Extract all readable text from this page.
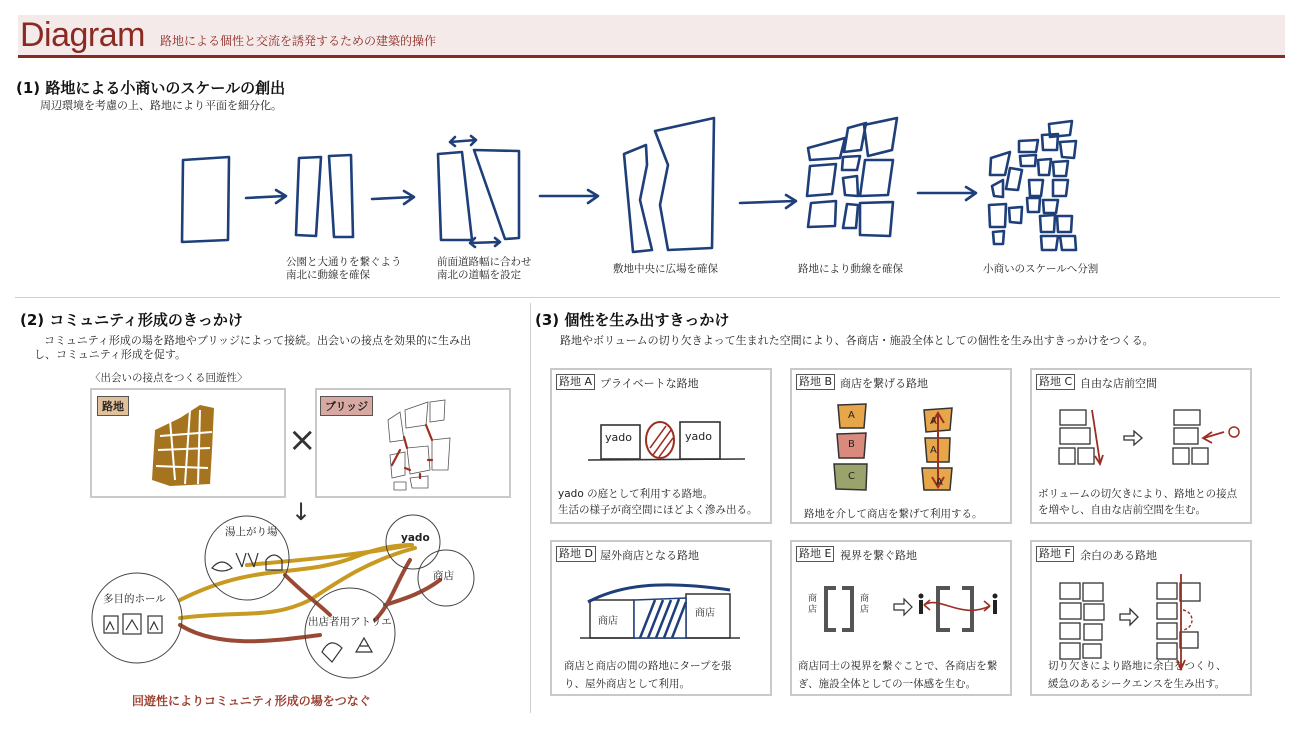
Diagram 路地による個性と交流を誘発するための建築的操作
(1) 路地による小商いのスケールの創出
周辺環境を考慮の上、路地により平面を細分化。
公園と大通りを繋ぐよう
南北に動線を確保
前面道路幅に合わせ
南北の道幅を設定	敷地中央に広場を確保	路地により動線を確保	小商いのスケールへ分割
(2) コミュニティ形成のきっかけ
コミュニティ形成の場を路地やブリッジによって接続。出会いの接点を効果的に生み出
し、コミュニティ形成を促す。
〈出会いの接点をつくる回遊性〉
路地	ブリッジ
×
↓
湯上がり場	yado
商店
多目的ホール
出店者用アトリエ
回遊性によりコミュニティ形成の場をつなぐ
(3) 個性を生み出すきっかけ
路地やボリュームの切り欠きよって生まれた空間により、各商店・施設全体としての個性を生み出すきっかけをつくる。
路地 A プライベートな路地
yado の庭として利用する路地。
生活の様子が商空間にほどよく滲み出る。
路地 B 商店を繋げる路地
路地を介して商店を繋げて利用する。
路地 C 自由な店前空間
ボリュームの切欠きにより、路地との接点
を増やし、自由な店前空間を生む。
路地 D 屋外商店となる路地
商店と商店の間の路地にタープを張
り、屋外商店として利用。
路地 E 視界を繋ぐ路地
商店同士の視界を繋ぐことで、各商店を繋
ぎ、施設全体としての一体感を生む。
路地 F 余白のある路地
切り欠きにより路地に余白をつくり、
緩急のあるシークエンスを生み出す。
yado	yado
A
B
C
A
A
A
商店
商店
商店
商店
